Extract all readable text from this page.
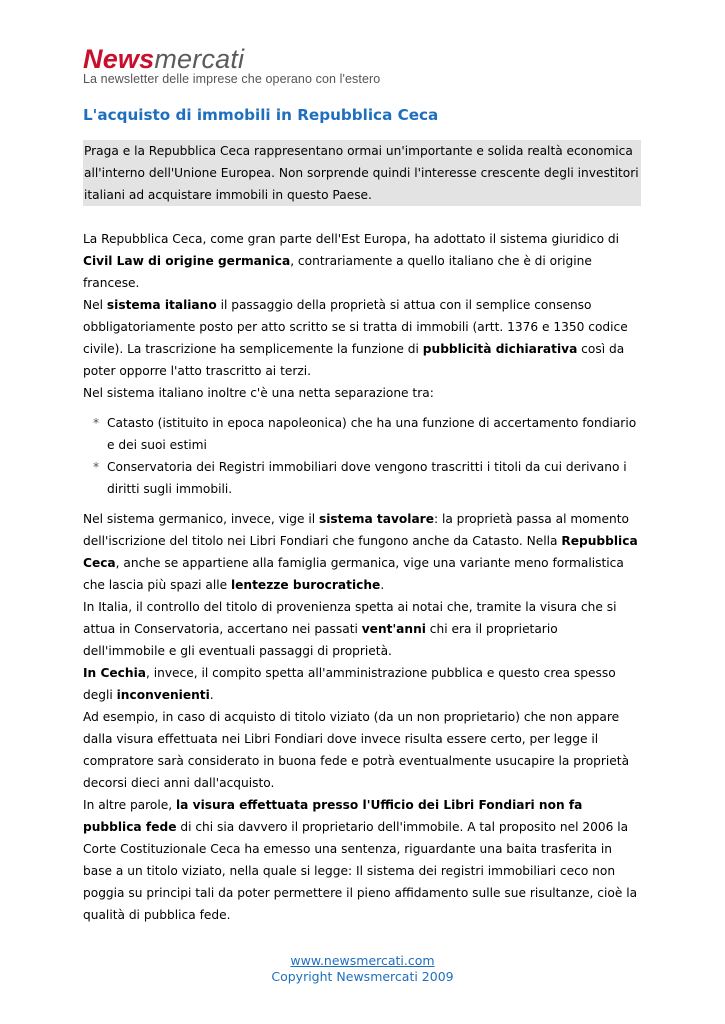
Newsmercati
La newsletter delle imprese che operano con l'estero
L'acquisto di immobili in Repubblica Ceca

Praga e la Repubblica Ceca rappresentano ormai un'importante e solida realtà economica all'interno dell'Unione Europea. Non sorprende quindi l'interesse crescente degli investitori italiani ad acquistare immobili in questo Paese.

La Repubblica Ceca, come gran parte dell'Est Europa, ha adottato il sistema giuridico di Civil Law di origine germanica, contrariamente a quello italiano che è di origine francese.

Nel sistema italiano il passaggio della proprietà si attua con il semplice consenso obbligatoriamente posto per atto scritto se si tratta di immobili (artt. 1376 e 1350 codice civile). La trascrizione ha semplicemente la funzione di pubblicità dichiarativa così da poter opporre l'atto trascritto ai terzi.

Nel sistema italiano inoltre c'è una netta separazione tra:

* Catasto (istituito in epoca napoleonica) che ha una funzione di accertamento fondiario e dei suoi estimi
* Conservatoria dei Registri immobiliari dove vengono trascritti i titoli da cui derivano i diritti sugli immobili.

Nel sistema germanico, invece, vige il sistema tavolare: la proprietà passa al momento dell'iscrizione del titolo nei Libri Fondiari che fungono anche da Catasto. Nella Repubblica Ceca, anche se appartiene alla famiglia germanica, vige una variante meno formalistica che lascia più spazi alle lentezze burocratiche.

In Italia, il controllo del titolo di provenienza spetta ai notai che, tramite la visura che si attua in Conservatoria, accertano nei passati vent'anni chi era il proprietario dell'immobile e gli eventuali passaggi di proprietà.

In Cechia, invece, il compito spetta all'amministrazione pubblica e questo crea spesso degli inconvenienti.

Ad esempio, in caso di acquisto di titolo viziato (da un non proprietario) che non appare dalla visura effettuata nei Libri Fondiari dove invece risulta essere certo, per legge il compratore sarà considerato in buona fede e potrà eventualmente usucapire la proprietà decorsi dieci anni dall'acquisto.

In altre parole, la visura effettuata presso l'Ufficio dei Libri Fondiari non fa pubblica fede di chi sia davvero il proprietario dell'immobile. A tal proposito nel 2006 la Corte Costituzionale Ceca ha emesso una sentenza, riguardante una baita trasferita in base a un titolo viziato, nella quale si legge: Il sistema dei registri immobiliari ceco non poggia su principi tali da poter permettere il pieno affidamento sulle sue risultanze, cioè la qualità di pubblica fede.

www.newsmercati.com
Copyright Newsmercati 2009
